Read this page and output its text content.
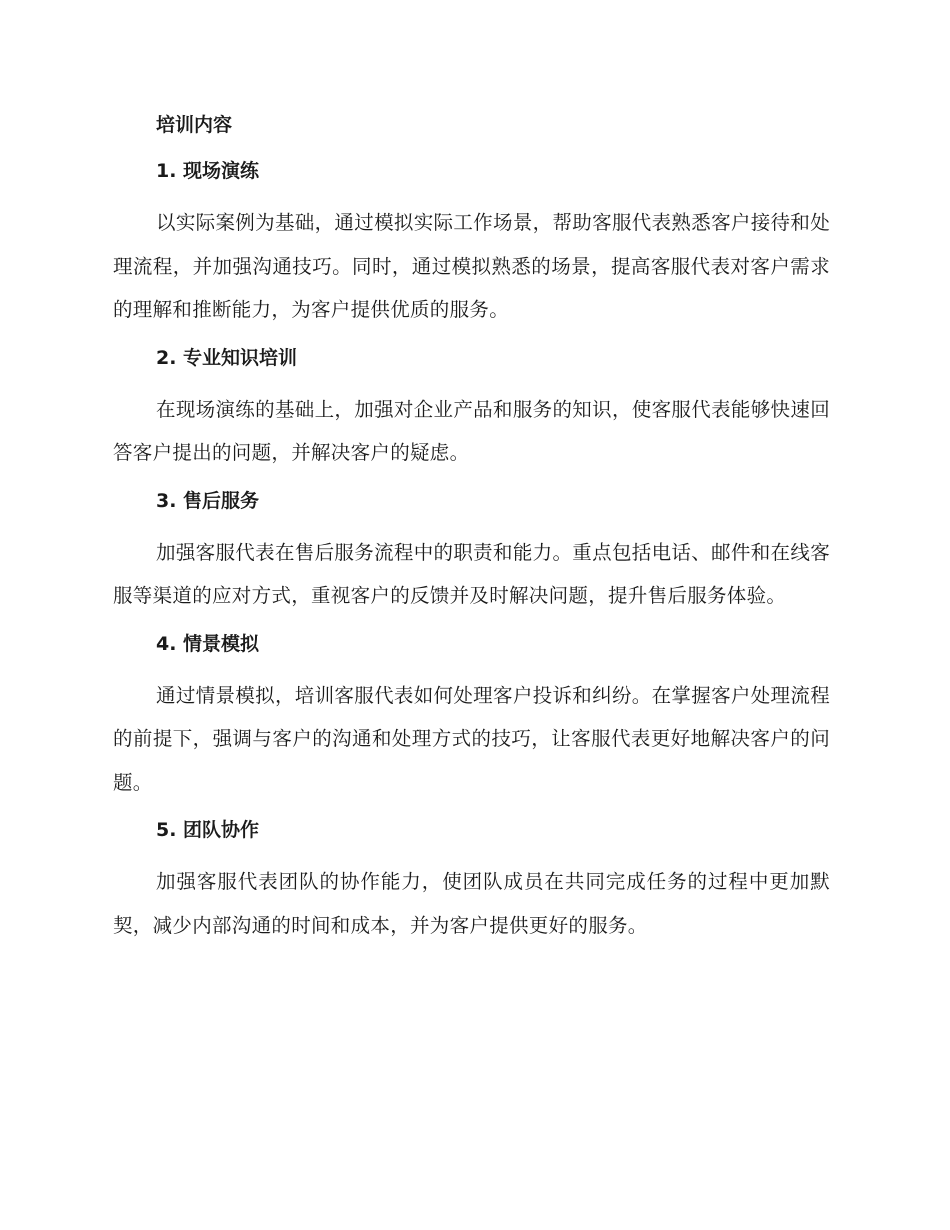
培训内容
1. 现场演练

以实际案例为基础，通过模拟实际工作场景，帮助客服代表熟悉客户接待和处理流程，并加强沟通技巧。同时，通过模拟熟悉的场景，提高客服代表对客户需求的理解和推断能力，为客户提供优质的服务。

2. 专业知识培训

在现场演练的基础上，加强对企业产品和服务的知识，使客服代表能够快速回答客户提出的问题，并解决客户的疑虑。

3. 售后服务

加强客服代表在售后服务流程中的职责和能力。重点包括电话、邮件和在线客服等渠道的应对方式，重视客户的反馈并及时解决问题，提升售后服务体验。

4. 情景模拟

通过情景模拟，培训客服代表如何处理客户投诉和纠纷。在掌握客户处理流程的前提下，强调与客户的沟通和处理方式的技巧，让客服代表更好地解决客户的问题。

5. 团队协作

加强客服代表团队的协作能力，使团队成员在共同完成任务的过程中更加默契，减少内部沟通的时间和成本，并为客户提供更好的服务。
